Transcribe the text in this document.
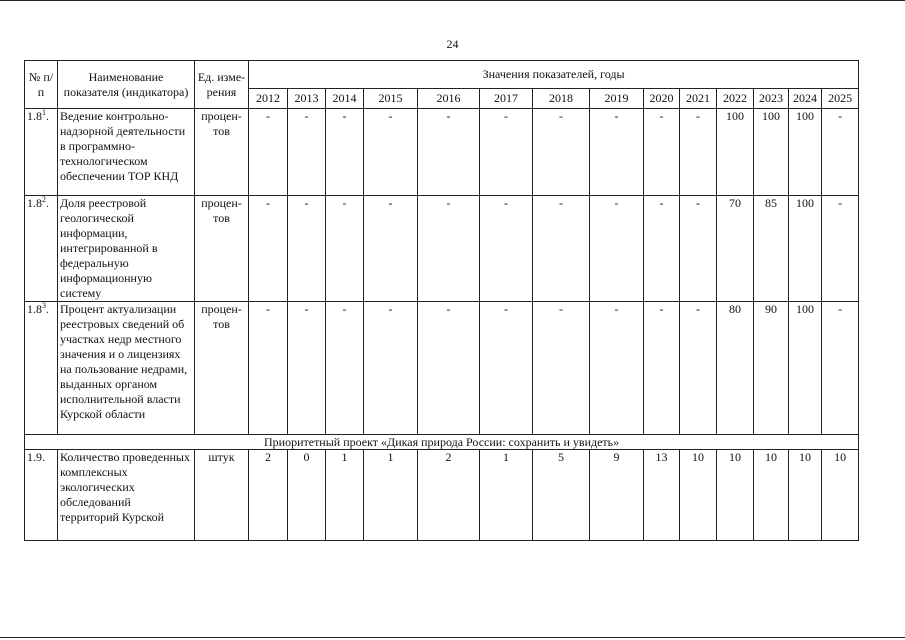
24
№ п/п	Наименование показателя (индикатора)	Ед. изме-рения	Значения показателей, годы													
			2012	2013	2014	2015	2016	2017	2018	2019	2020	2021	2022	2023	2024	2025
$1.8^1$.	Ведение контрольно-надзорной деятельности в программно-технологическом обеспечении ТОР КНД	процен-тов	-	-	-	-	-	-	-	-	-	-	100	100	100	-
$1.8^2$.	Доля реестровой геологической информации, интегрированной в федеральную информационную систему	процен-тов	-	-	-	-	-	-	-	-	-	-	70	85	100	-
$1.8^3$.	Процент актуализации реестровых сведений об участках недр местного значения и о лицензиях на пользование недрами, выданных органом исполнительной власти Курской области	процен-тов	-	-	-	-	-	-	-	-	-	-	80	90	100	-
Приоритетный проект «Дикая природа России: сохранить и увидеть»																
1.9.	Количество проведенных комплексных экологических обследований территорий Курской	штук	2	0	1	1	2	1	5	9	13	10	10	10	10	10
